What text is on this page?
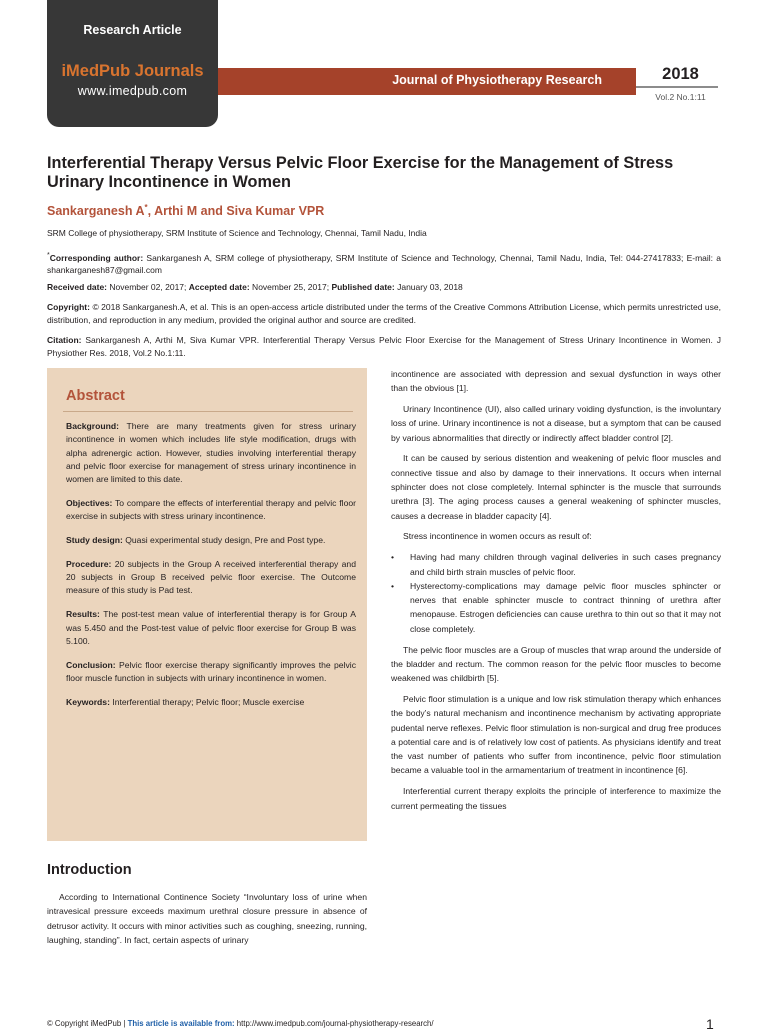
Research Article
iMedPub Journals
www.imedpub.com
Journal of Physiotherapy Research	2018
Vol.2 No.1:11
Interferential Therapy Versus Pelvic Floor Exercise for the Management of Stress Urinary Incontinence in Women
Sankarganesh A*, Arthi M and Siva Kumar VPR
SRM College of physiotherapy, SRM Institute of Science and Technology, Chennai, Tamil Nadu, India
*Corresponding author: Sankarganesh A, SRM college of physiotherapy, SRM Institute of Science and Technology, Chennai, Tamil Nadu, India, Tel: 044-27417833; E-mail: a shankarganesh87@gmail.com
Received date: November 02, 2017; Accepted date: November 25, 2017; Published date: January 03, 2018
Copyright: © 2018 Sankarganesh.A, et al. This is an open-access article distributed under the terms of the Creative Commons Attribution License, which permits unrestricted use, distribution, and reproduction in any medium, provided the original author and source are credited.
Citation: Sankarganesh A, Arthi M, Siva Kumar VPR. Interferential Therapy Versus Pelvic Floor Exercise for the Management of Stress Urinary Incontinence in Women. J Physiother Res. 2018, Vol.2 No.1:11.
Abstract

Background: There are many treatments given for stress urinary incontinence in women which includes life style modification, drugs with alpha adrenergic action. However, studies involving interferential therapy and pelvic floor exercise for management of stress urinary incontinence in women are limited to this date.

Objectives: To compare the effects of interferential therapy and pelvic floor exercise in subjects with stress urinary incontinence.

Study design: Quasi experimental study design, Pre and Post type.

Procedure: 20 subjects in the Group A received interferential therapy and 20 subjects in Group B received pelvic floor exercise. The Outcome measure of this study is Pad test.

Results: The post-test mean value of interferential therapy is for Group A was 5.450 and the Post-test value of pelvic floor exercise for Group B was 5.100.

Conclusion: Pelvic floor exercise therapy significantly improves the pelvic floor muscle function in subjects with urinary incontinence in women.

Keywords: Interferential therapy; Pelvic floor; Muscle exercise

Introduction

According to International Continence Society “Involuntary loss of urine when intravesical pressure exceeds maximum urethral closure pressure in absence of detrusor activity. It occurs with minor activities such as coughing, sneezing, running, laughing, standing”. In fact, certain aspects of urinary

incontinence are associated with depression and sexual dysfunction in ways other than the obvious [1].

Urinary Incontinence (UI), also called urinary voiding dysfunction, is the involuntary loss of urine. Urinary incontinence is not a disease, but a symptom that can be caused by various abnormalities that directly or indirectly affect bladder control [2].

It can be caused by serious distention and weakening of pelvic floor muscles and connective tissue and also by damage to their innervations. It occurs when internal sphincter does not close completely. Internal sphincter is the muscle that surrounds urethra [3]. The aging process causes a general weakening of sphincter muscles, causes a decrease in bladder capacity [4].

Stress incontinence in women occurs as result of:

• Having had many children through vaginal deliveries in such cases pregnancy and child birth strain muscles of pelvic floor.
• Hysterectomy-complications may damage pelvic floor muscles sphincter or nerves that enable sphincter muscle to contract thinning of urethra after menopause. Estrogen deficiencies can cause urethra to thin out so that it may not close completely.

The pelvic floor muscles are a Group of muscles that wrap around the underside of the bladder and rectum. The common reason for the pelvic floor muscles to become weakened was childbirth [5].

Pelvic floor stimulation is a unique and low risk stimulation therapy which enhances the body’s natural mechanism and incontinence mechanism by activating appropriate pudental nerve reflexes. Pelvic floor stimulation is non-surgical and drug free produces a potential care and is of relatively low cost of patients. As physicians identify and treat the vast number of patients who suffer from incontinence, pelvic floor stimulation became a valuable tool in the armamentarium of treatment in incontinence [6].

Interferential current therapy exploits the principle of interference to maximize the current permeating the tissues

© Copyright iMedPub | This article is available from: http://www.imedpub.com/journal-physiotherapy-research/	1
